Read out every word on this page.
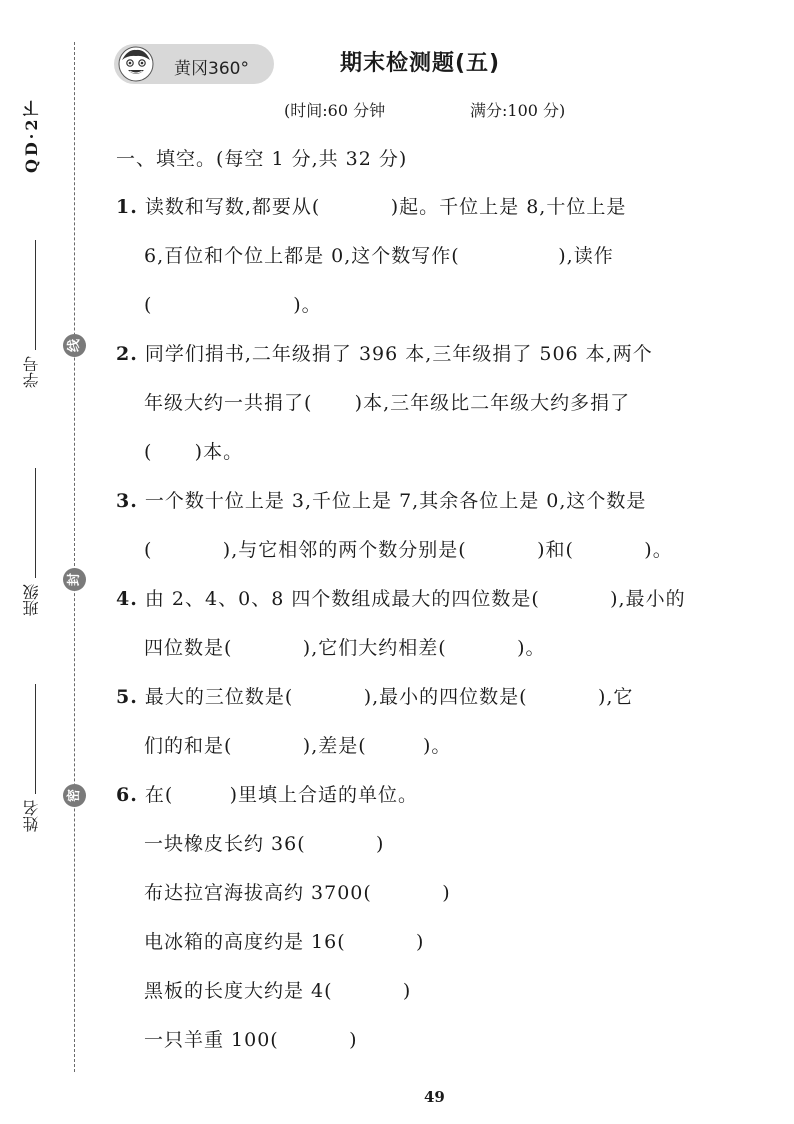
QD·2下
学号
班级
姓名
线
封
密
黄冈360°	期末检测题(五)
(时间:60 分钟	满分:100 分)
一、填空。(每空 1 分,共 32 分)
1. 读数和写数,都要从(          )起。千位上是 8,十位上是
6,百位和个位上都是 0,这个数写作(              ),读作
(                    )。
2. 同学们捐书,二年级捐了 396 本,三年级捐了 506 本,两个
年级大约一共捐了(      )本,三年级比二年级大约多捐了
(      )本。
3. 一个数十位上是 3,千位上是 7,其余各位上是 0,这个数是
(          ),与它相邻的两个数分别是(          )和(          )。
4. 由 2、4、0、8 四个数组成最大的四位数是(          ),最小的
四位数是(          ),它们大约相差(          )。
5. 最大的三位数是(          ),最小的四位数是(          ),它
们的和是(          ),差是(        )。
6. 在(        )里填上合适的单位。
一块橡皮长约 36(          )
布达拉宫海拔高约 3700(          )
电冰箱的高度约是 16(          )
黑板的长度大约是 4(          )
一只羊重 100(          )
49
